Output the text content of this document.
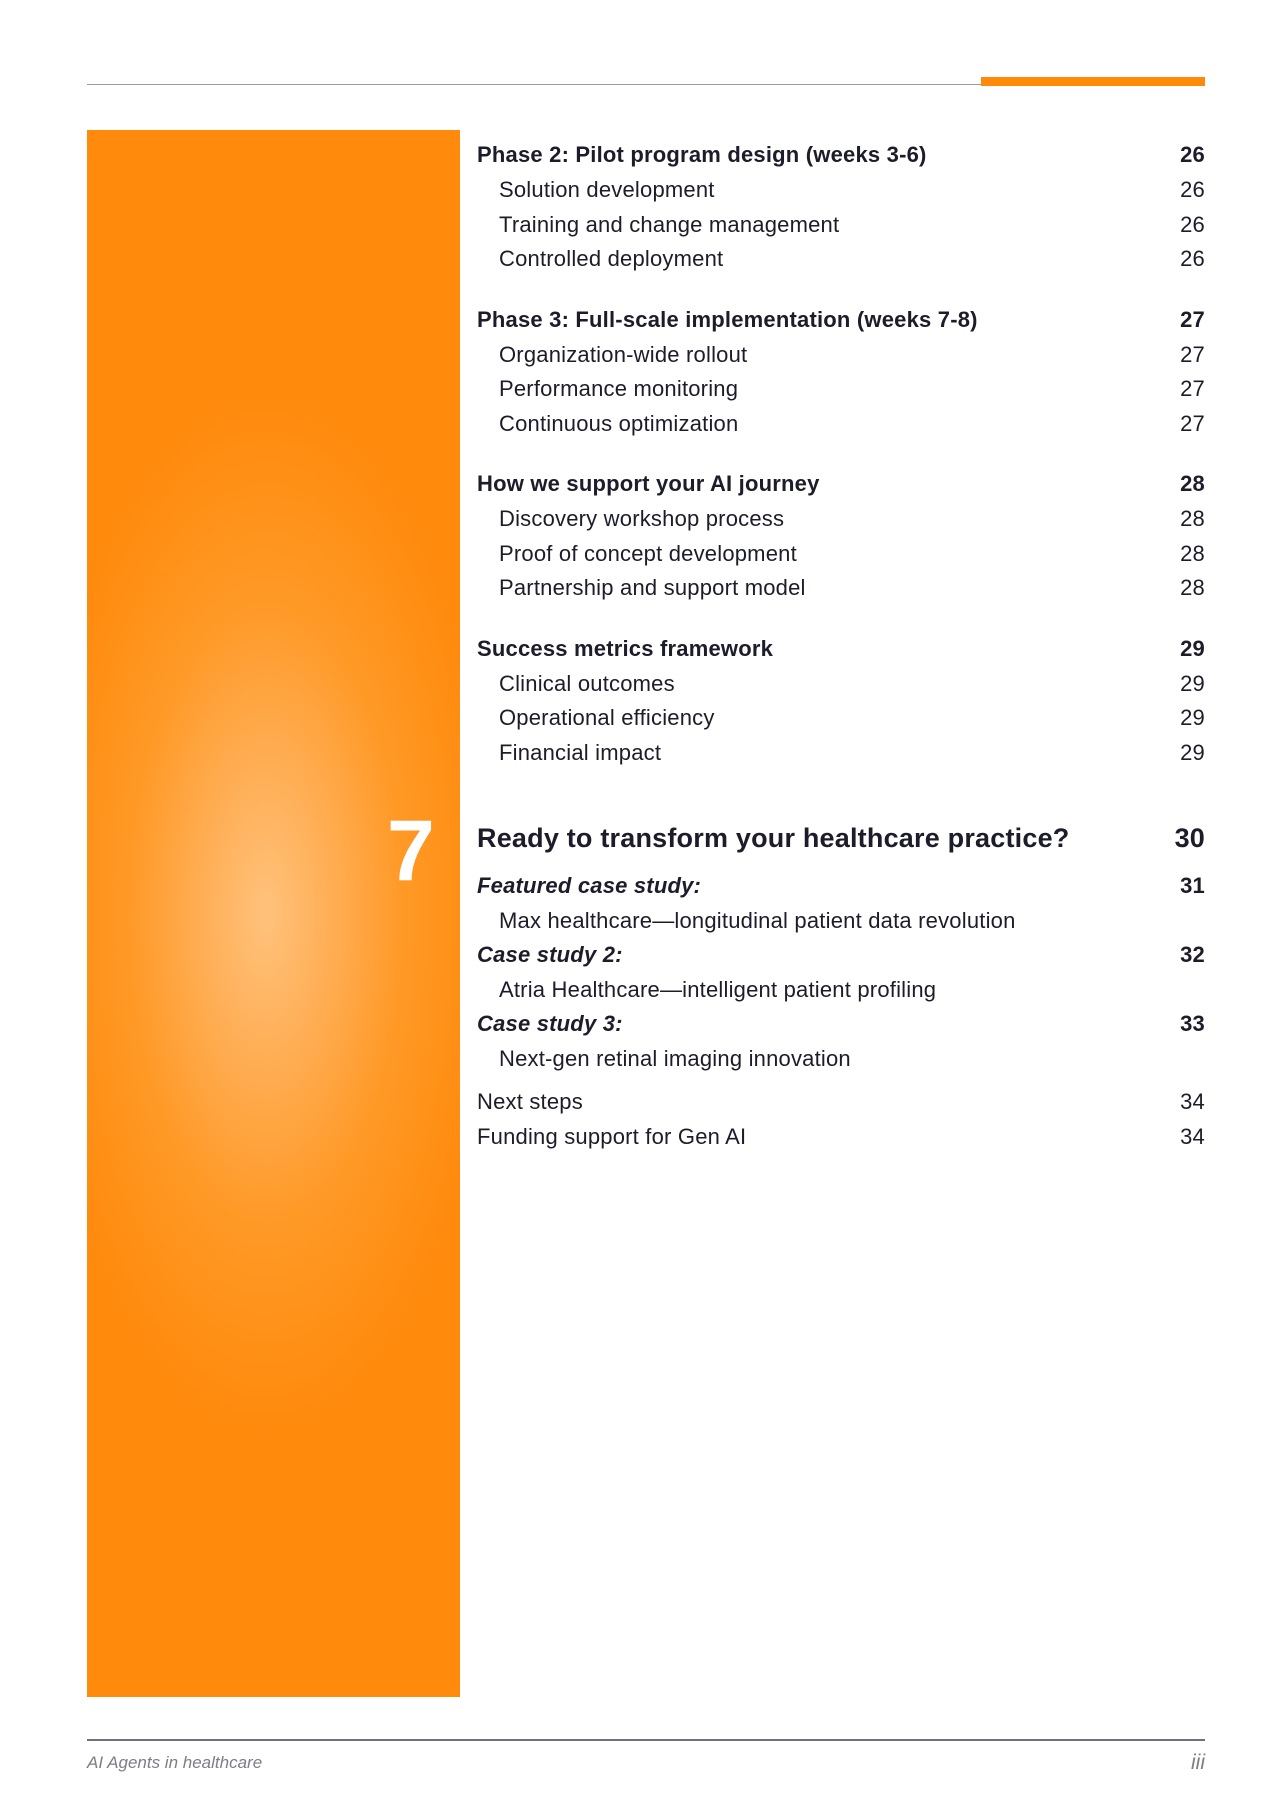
7
Phase 2: Pilot program design (weeks 3-6)	26
Solution development	26
Training and change management	26
Controlled deployment	26
Phase 3: Full-scale implementation (weeks 7-8)	27
Organization-wide rollout	27
Performance monitoring	27
Continuous optimization	27
How we support your AI journey	28
Discovery workshop process	28
Proof of concept development	28
Partnership and support model	28
Success metrics framework	29
Clinical outcomes	29
Operational efficiency	29
Financial impact	29
Ready to transform your healthcare practice?	30
Featured case study:	31
Max healthcare—longitudinal patient data revolution
Case study 2:	32
Atria Healthcare—intelligent patient profiling
Case study 3:	33
Next-gen retinal imaging innovation
Next steps	34
Funding support for Gen AI	34
AI Agents in healthcare	iii
